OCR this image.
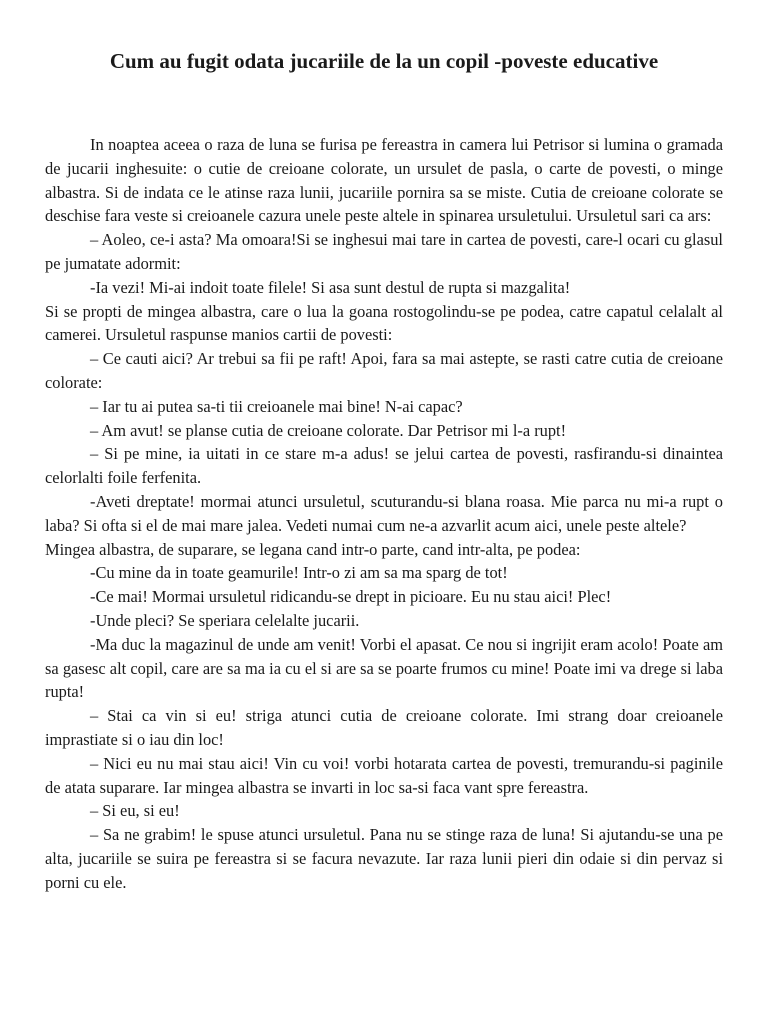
Cum au fugit odata jucariile de la un copil -poveste educative

In noaptea aceea o raza de luna se furisa pe fereastra in camera lui Petrisor si lumina o gramada de jucarii inghesuite: o cutie de creioane colorate, un ursulet de pasla, o carte de povesti, o minge albastra. Si de indata ce le atinse raza lunii, jucariile pornira sa se miste. Cutia de creioane colorate se deschise fara veste si creioanele cazura unele peste altele in spinarea ursuletului. Ursuletul sari ca ars:

– Aoleo, ce-i asta? Ma omoara!Si se inghesui mai tare in cartea de povesti, care-l ocari cu glasul pe jumatate adormit:

-Ia vezi! Mi-ai indoit toate filele! Si asa sunt destul de rupta si mazgalita!

Si se propti de mingea albastra, care o lua la goana rostogolindu-se pe podea, catre capatul celalalt al camerei. Ursuletul raspunse manios cartii de povesti:

– Ce cauti aici? Ar trebui sa fii pe raft! Apoi, fara sa mai astepte, se rasti catre cutia de creioane colorate:

– Iar tu ai putea sa-ti tii creioanele mai bine! N-ai capac?

– Am avut! se planse cutia de creioane colorate. Dar Petrisor mi l-a rupt!

– Si pe mine, ia uitati in ce stare m-a adus! se jelui cartea de povesti, rasfirandu-si dinaintea celorlalti foile ferfenita.

-Aveti dreptate! mormai atunci ursuletul, scuturandu-si blana roasa. Mie parca nu mi-a rupt o laba? Si ofta si el de mai mare jalea. Vedeti numai cum ne-a azvarlit acum aici, unele peste altele?

Mingea albastra, de suparare, se legana cand intr-o parte, cand intr-alta, pe podea:

-Cu mine da in toate geamurile! Intr-o zi am sa ma sparg de tot!

-Ce mai! Mormai ursuletul ridicandu-se drept in picioare. Eu nu stau aici! Plec!

-Unde pleci? Se speriara celelalte jucarii.

-Ma duc la magazinul de unde am venit! Vorbi el apasat. Ce nou si ingrijit eram acolo! Poate am sa gasesc alt copil, care are sa ma ia cu el si are sa se poarte frumos cu mine! Poate imi va drege si laba rupta!

– Stai ca vin si eu! striga atunci cutia de creioane colorate. Imi strang doar creioanele imprastiate si o iau din loc!

– Nici eu nu mai stau aici! Vin cu voi! vorbi hotarata cartea de povesti, tremurandu-si paginile de atata suparare. Iar mingea albastra se invarti in loc sa-si faca vant spre fereastra.

– Si eu, si eu!

– Sa ne grabim! le spuse atunci ursuletul. Pana nu se stinge raza de luna! Si ajutandu-se una pe alta, jucariile se suira pe fereastra si se facura nevazute. Iar raza lunii pieri din odaie si din pervaz si porni cu ele.
